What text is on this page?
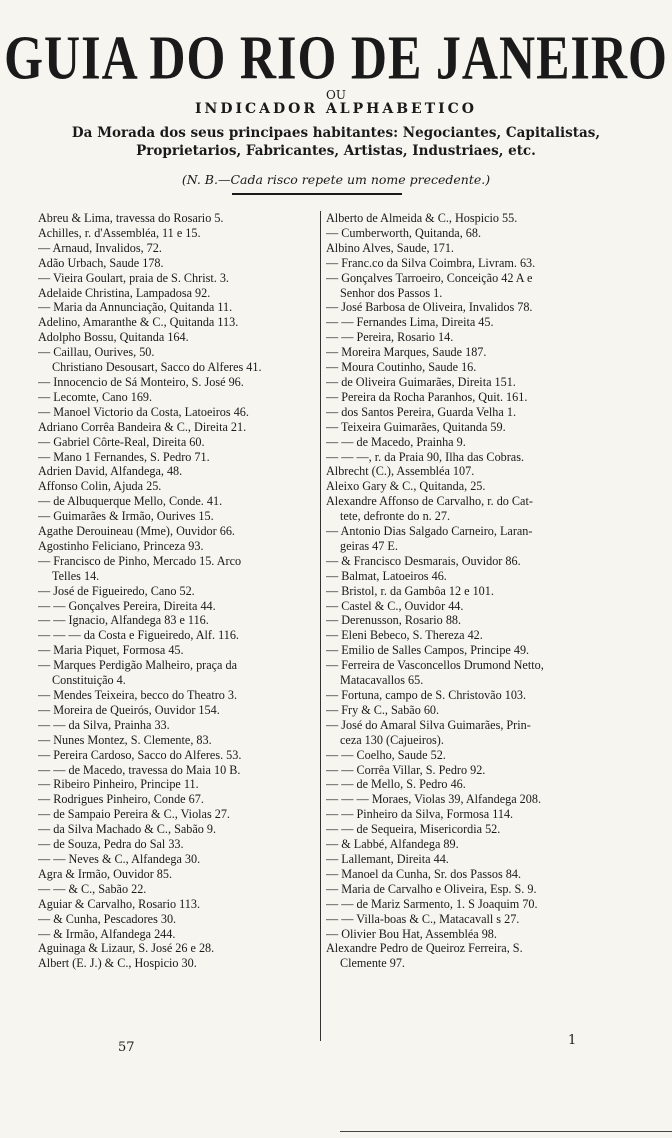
GUIA DO RIO DE JANEIRO
OU
INDICADOR ALPHABETICO
Da Morada dos seus principaes habitantes: Negociantes, Capitalistas, Proprietarios, Fabricantes, Artistas, Industriaes, etc.
(N. B.—Cada risco repete um nome precedente.)
Abreu & Lima, travessa do Rosario 5.
Achilles, r. d'Assembléa, 11 e 15.
— Arnaud, Invalidos, 72.
Adão Urbach, Saude 178.
— Vieira Goulart, praia de S. Christ. 3.
Adelaide Christina, Lampadosa 92.
— Maria da Annunciação, Quitanda 11.
Adelino, Amaranthe & C., Quitanda 113.
Adolpho Bossu, Quitanda 164.
— Caillau, Ourives, 50.
Christiano Desousart, Sacco do Alferes 41.
— Innocencio de Sá Monteiro, S. José 96.
— Lecomte, Cano 169.
— Manoel Victorio da Costa, Latoeiros 46.
Adriano Corrêa Bandeira & C., Direita 21.
— Gabriel Côrte-Real, Direita 60.
— Mano 1 Fernandes, S. Pedro 71.
Adrien David, Alfandega, 48.
Affonso Colin, Ajuda 25.
— de Albuquerque Mello, Conde. 41.
— Guimarães & Irmão, Ourives 15.
Agathe Derouineau (Mme), Ouvidor 66.
Agostinho Feliciano, Princeza 93.
— Francisco de Pinho, Mercado 15. Arco
Telles 14.
— José de Figueiredo, Cano 52.
— — Gonçalves Pereira, Direita 44.
— — Ignacio, Alfandega 83 e 116.
— — — da Costa e Figueiredo, Alf. 116.
— Maria Piquet, Formosa 45.
— Marques Perdigão Malheiro, praça da
Constituição 4.
— Mendes Teixeira, becco do Theatro 3.
— Moreira de Queirós, Ouvidor 154.
— — da Silva, Prainha 33.
— Nunes Montez, S. Clemente, 83.
— Pereira Cardoso, Sacco do Alferes. 53.
— — de Macedo, travessa do Maia 10 B.
— Ribeiro Pinheiro, Principe 11.
— Rodrigues Pinheiro, Conde 67.
— de Sampaio Pereira & C., Violas 27.
— da Silva Machado & C., Sabão 9.
— de Souza, Pedra do Sal 33.
— — Neves & C., Alfandega 30.
Agra & Irmão, Ouvidor 85.
— — & C., Sabão 22.
Aguiar & Carvalho, Rosario 113.
— & Cunha, Pescadores 30.
— & Irmão, Alfandega 244.
Aguinaga & Lizaur, S. José 26 e 28.
Albert (E. J.) & C., Hospicio 30.
Alberto de Almeida & C., Hospicio 55.
— Cumberworth, Quitanda, 68.
Albino Alves, Saude, 171.
— Franc.co da Silva Coimbra, Livram. 63.
— Gonçalves Tarroeiro, Conceição 42 A e
Senhor dos Passos 1.
— José Barbosa de Oliveira, Invalidos 78.
— — Fernandes Lima, Direita 45.
— — Pereira, Rosario 14.
— Moreira Marques, Saude 187.
— Moura Coutinho, Saude 16.
— de Oliveira Guimarães, Direita 151.
— Pereira da Rocha Paranhos, Quit. 161.
— dos Santos Pereira, Guarda Velha 1.
— Teixeira Guimarães, Quitanda 59.
— — de Macedo, Prainha 9.
— — —, r. da Praia 90, Ilha das Cobras.
Albrecht (C.), Assembléa 107.
Aleixo Gary & C., Quitanda, 25.
Alexandre Affonso de Carvalho, r. do Cat-
tete, defronte do n. 27.
— Antonio Dias Salgado Carneiro, Laran-
geiras 47 E.
— & Francisco Desmarais, Ouvidor 86.
— Balmat, Latoeiros 46.
— Bristol, r. da Gambôa 12 e 101.
— Castel & C., Ouvidor 44.
— Derenusson, Rosario 88.
— Eleni Bebeco, S. Thereza 42.
— Emilio de Salles Campos, Principe 49.
— Ferreira de Vasconcellos Drumond Netto,
Matacavallos 65.
— Fortuna, campo de S. Christovão 103.
— Fry & C., Sabão 60.
— José do Amaral Silva Guimarães, Prin-
ceza 130 (Cajueiros).
— — Coelho, Saude 52.
— — Corrêa Villar, S. Pedro 92.
— — de Mello, S. Pedro 46.
— — — Moraes, Violas 39, Alfandega 208.
— — Pinheiro da Silva, Formosa 114.
— — de Sequeira, Misericordia 52.
— & Labbé, Alfandega 89.
— Lallemant, Direita 44.
— Manoel da Cunha, Sr. dos Passos 84.
— Maria de Carvalho e Oliveira, Esp. S. 9.
— — de Mariz Sarmento, 1. S Joaquim 70.
— — Villa-boas & C., Matacavall s 27.
— Olivier Bou Hat, Assembléa 98.
Alexandre Pedro de Queiroz Ferreira, S.
Clemente 97.
57	1
